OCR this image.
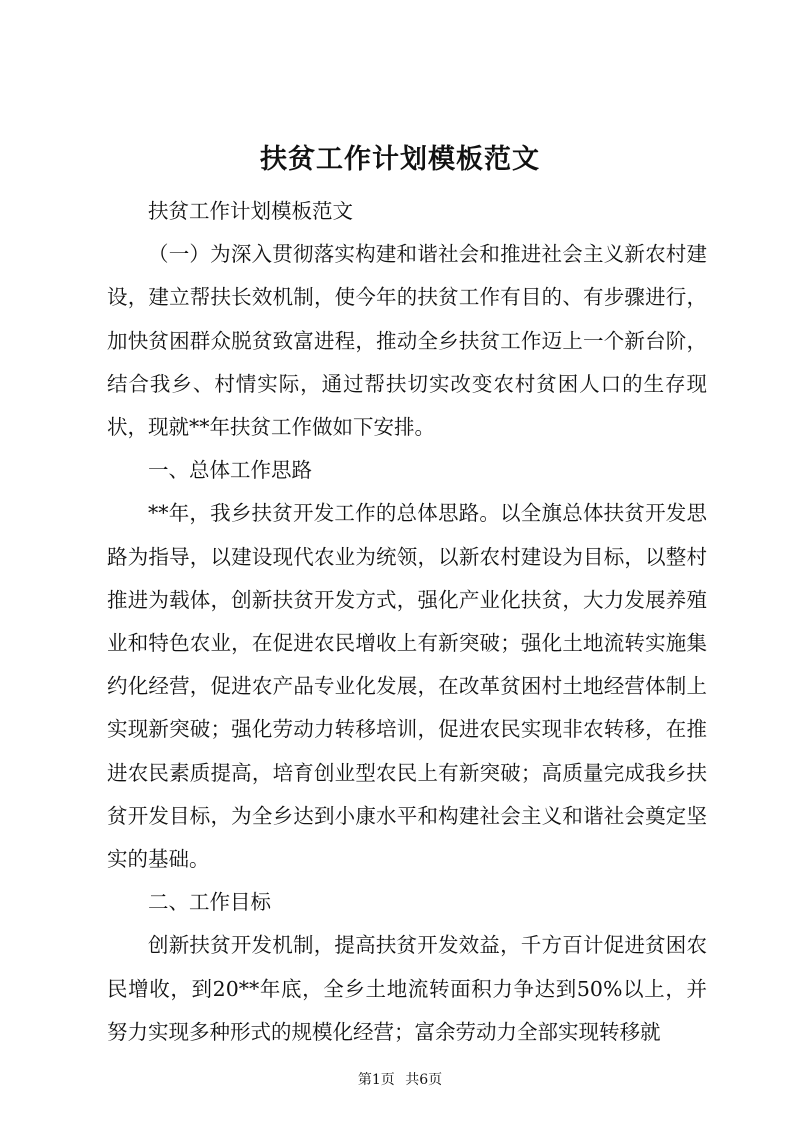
扶贫工作计划模板范文

扶贫工作计划模板范文

（一）为深入贯彻落实构建和谐社会和推进社会主义新农村建设，建立帮扶长效机制，使今年的扶贫工作有目的、有步骤进行，加快贫困群众脱贫致富进程，推动全乡扶贫工作迈上一个新台阶，结合我乡、村情实际，通过帮扶切实改变农村贫困人口的生存现状，现就**年扶贫工作做如下安排。

一、总体工作思路

**年，我乡扶贫开发工作的总体思路。以全旗总体扶贫开发思路为指导，以建设现代农业为统领，以新农村建设为目标，以整村推进为载体，创新扶贫开发方式，强化产业化扶贫，大力发展养殖业和特色农业，在促进农民增收上有新突破；强化土地流转实施集约化经营，促进农产品专业化发展，在改革贫困村土地经营体制上实现新突破；强化劳动力转移培训，促进农民实现非农转移，在推进农民素质提高，培育创业型农民上有新突破；高质量完成我乡扶贫开发目标，为全乡达到小康水平和构建社会主义和谐社会奠定坚实的基础。

二、工作目标

创新扶贫开发机制，提高扶贫开发效益，千方百计促进贫困农民增收，到20**年底，全乡土地流转面积力争达到50%以上，并努力实现多种形式的规模化经营；富余劳动力全部实现转移就

第1页 共6页
